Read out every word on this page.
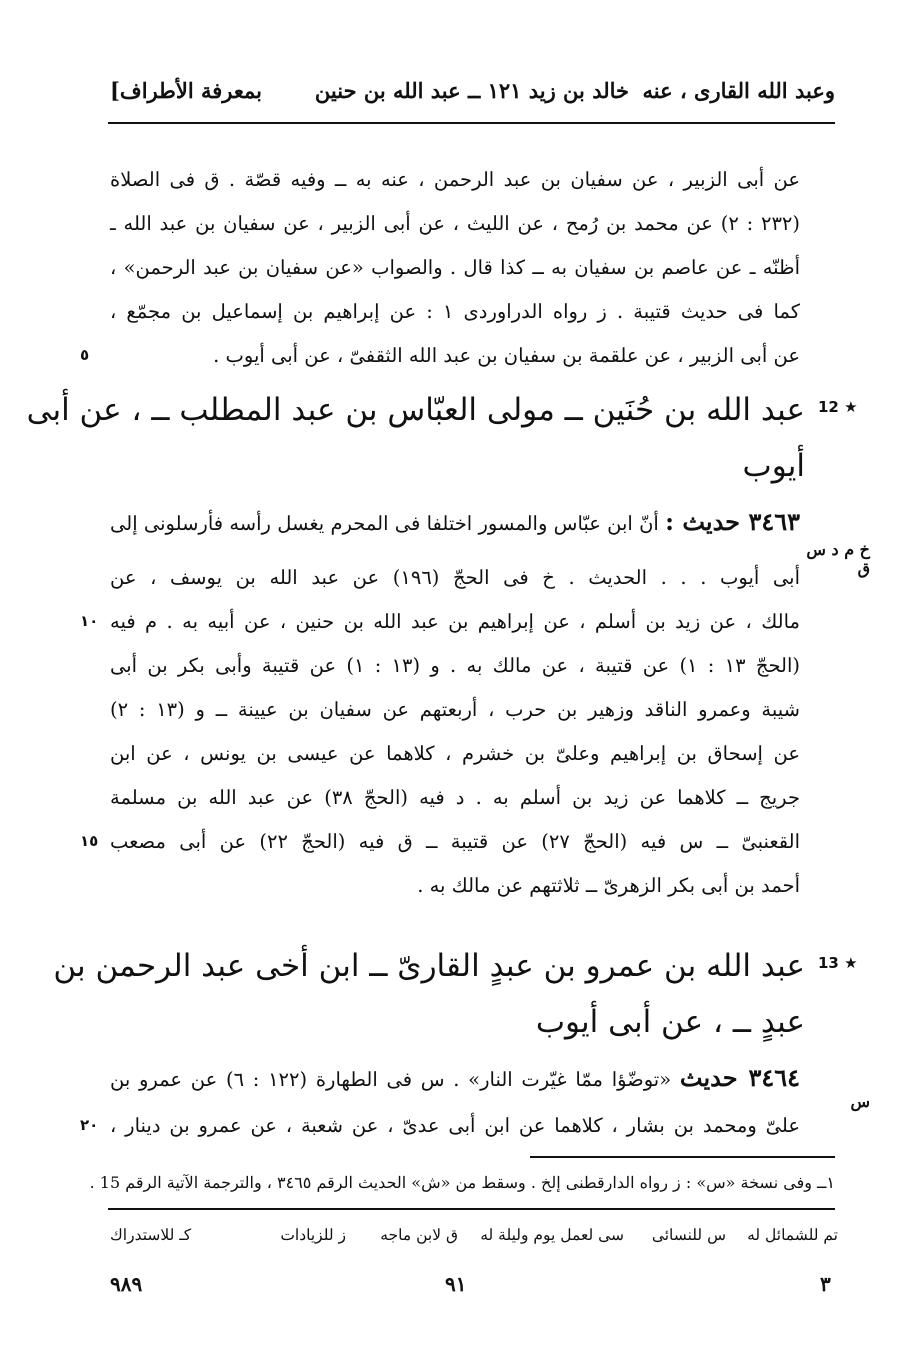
وعبد الله القارى ، عنه
خالد بن زيد ١٢١ ــ عبد الله بن حنين
بمعرفة الأطراف]
عن أبى الزبير ، عن سفيان بن عبد الرحمن ، عنه به ــ وفيه قصّة . ق فى الصلاة
(٢٣٢ : ٢) عن محمد بن رُمح ، عن الليث ، عن أبى الزبير ، عن سفيان بن عبد الله ـ
أظنّه ـ عن عاصم بن سفيان به ــ كذا قال . والصواب «عن سفيان بن عبد الرحمن» ،
كما فى حديث قتيبة . ز رواه الدراوردى ١ : عن إبراهيم بن إسماعيل بن مجمّع ،
عن أبى الزبير ، عن علقمة بن سفيان بن عبد الله الثقفىّ ، عن أبى أيوب .
٥
12 ★
عبد الله بن حُنَين ــ مولى العبّاس بن عبد المطلب ــ ، عن أبى
أيوب
٣٤٦٣ حديث : أنّ ابن عبّاس والمسور اختلفا فى المحرم يغسل رأسه فأرسلونى إلى
خ م د س ق
أبى أيوب . . . الحديث . خ فى الحجّ (١٩٦) عن عبد الله بن يوسف ، عن
مالك ، عن زيد بن أسلم ، عن إبراهيم بن عبد الله بن حنين ، عن أبيه به . م فيه
١٠
(الحجّ ١٣ : ١) عن قتيبة ، عن مالك به . و (١٣ : ١) عن قتيبة وأبى بكر بن أبى
شيبة وعمرو الناقد وزهير بن حرب ، أربعتهم عن سفيان بن عيينة ــ و (١٣ : ٢)
عن إسحاق بن إبراهيم وعلىّ بن خشرم ، كلاهما عن عيسى بن يونس ، عن ابن
جريج ــ كلاهما عن زيد بن أسلم به . د فيه (الحجّ ٣٨) عن عبد الله بن مسلمة
القعنبىّ ــ س فيه (الحجّ ٢٧) عن قتيبة ــ ق فيه (الحجّ ٢٢) عن أبى مصعب
١٥
أحمد بن أبى بكر الزهرىّ ــ ثلاثتهم عن مالك به .
13 ★
عبد الله بن عمرو بن عبدٍ القارىّ ــ ابن أخى عبد الرحمن بن
عبدٍ ــ ، عن أبى أيوب
٣٤٦٤ حديث «توضّؤا ممّا غيّرت النار» . س فى الطهارة (١٢٢ : ٦) عن عمرو بن
س
علىّ ومحمد بن بشار ، كلاهما عن ابن أبى عدىّ ، عن شعبة ، عن عمرو بن دينار ،
٢٠
١ــ وفى نسخة «س» : ز رواه الدارقطنى إلخ . وسقط من «ش» الحديث الرقم ٣٤٦٥ ، والترجمة الآتية الرقم 15 .
تم للشمائل له
س للنسائى
سى لعمل يوم وليلة له
ق لابن ماجه
ز للزيادات
كـ للاستدراك
٣
٩١
٩٨٩
